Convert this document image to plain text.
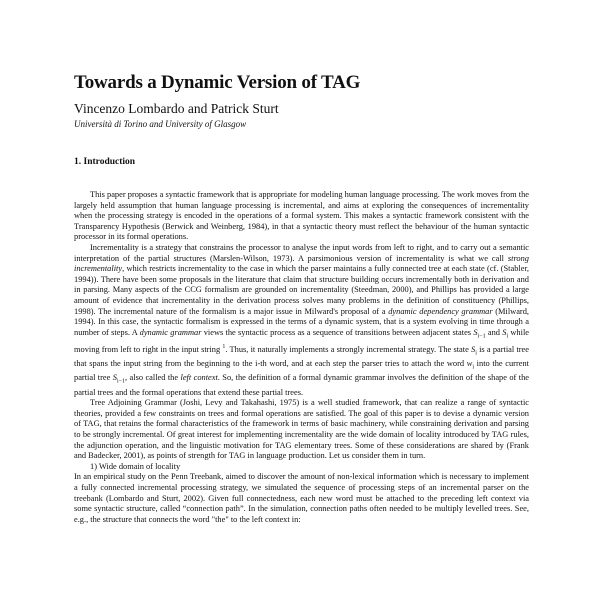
Towards a Dynamic Version of TAG
Vincenzo Lombardo and Patrick Sturt
Università di Torino and University of Glasgow
1. Introduction

This paper proposes a syntactic framework that is appropriate for modeling human language processing. The work moves from the largely held assumption that human language processing is incremental, and aims at exploring the consequences of incrementality when the processing strategy is encoded in the operations of a formal system. This makes a syntactic framework consistent with the Transparency Hypothesis (Berwick and Weinberg, 1984), in that a syntactic theory must reflect the behaviour of the human syntactic processor in its formal operations.

Incrementality is a strategy that constrains the processor to analyse the input words from left to right, and to carry out a semantic interpretation of the partial structures (Marslen-Wilson, 1973). A parsimonious version of incrementality is what we call strong incrementality, which restricts incrementality to the case in which the parser maintains a fully connected tree at each state (cf. (Stabler, 1994)). There have been some proposals in the literature that claim that structure building occurs incrementally both in derivation and in parsing. Many aspects of the CCG formalism are grounded on incrementality (Steedman, 2000), and Phillips has provided a large amount of evidence that incrementality in the derivation process solves many problems in the definition of constituency (Phillips, 1998). The incremental nature of the formalism is a major issue in Milward's proposal of a dynamic dependency grammar (Milward, 1994). In this case, the syntactic formalism is expressed in the terms of a dynamic system, that is a system evolving in time through a number of steps. A dynamic grammar views the syntactic process as a sequence of transitions between adjacent states $S_{i-1}$ and $S_i$ while moving from left to right in the input string $^1$. Thus, it naturally implements a strongly incremental strategy. The state $S_i$ is a partial tree that spans the input string from the beginning to the i-th word, and at each step the parser tries to attach the word $w_i$ into the current partial tree $S_{i-1}$, also called the left context. So, the definition of a formal dynamic grammar involves the definition of the shape of the partial trees and the formal operations that extend these partial trees.

Tree Adjoining Grammar (Joshi, Levy and Takahashi, 1975) is a well studied framework, that can realize a range of syntactic theories, provided a few constraints on trees and formal operations are satisfied. The goal of this paper is to devise a dynamic version of TAG, that retains the formal characteristics of the framework in terms of basic machinery, while constraining derivation and parsing to be strongly incremental. Of great interest for implementing incrementality are the wide domain of locality introduced by TAG rules, the adjunction operation, and the linguistic motivation for TAG elementary trees. Some of these considerations are shared by (Frank and Badecker, 2001), as points of strength for TAG in language production. Let us consider them in turn.

1) Wide domain of locality

In an empirical study on the Penn Treebank, aimed to discover the amount of non-lexical information which is necessary to implement a fully connected incremental processing strategy, we simulated the sequence of processing steps of an incremental parser on the treebank (Lombardo and Sturt, 2002). Given full connectedness, each new word must be attached to the preceding left context via some syntactic structure, called “connection path”. In the simulation, connection paths often needed to be multiply levelled trees. See, e.g., the structure that connects the word "the" to the left context in:
